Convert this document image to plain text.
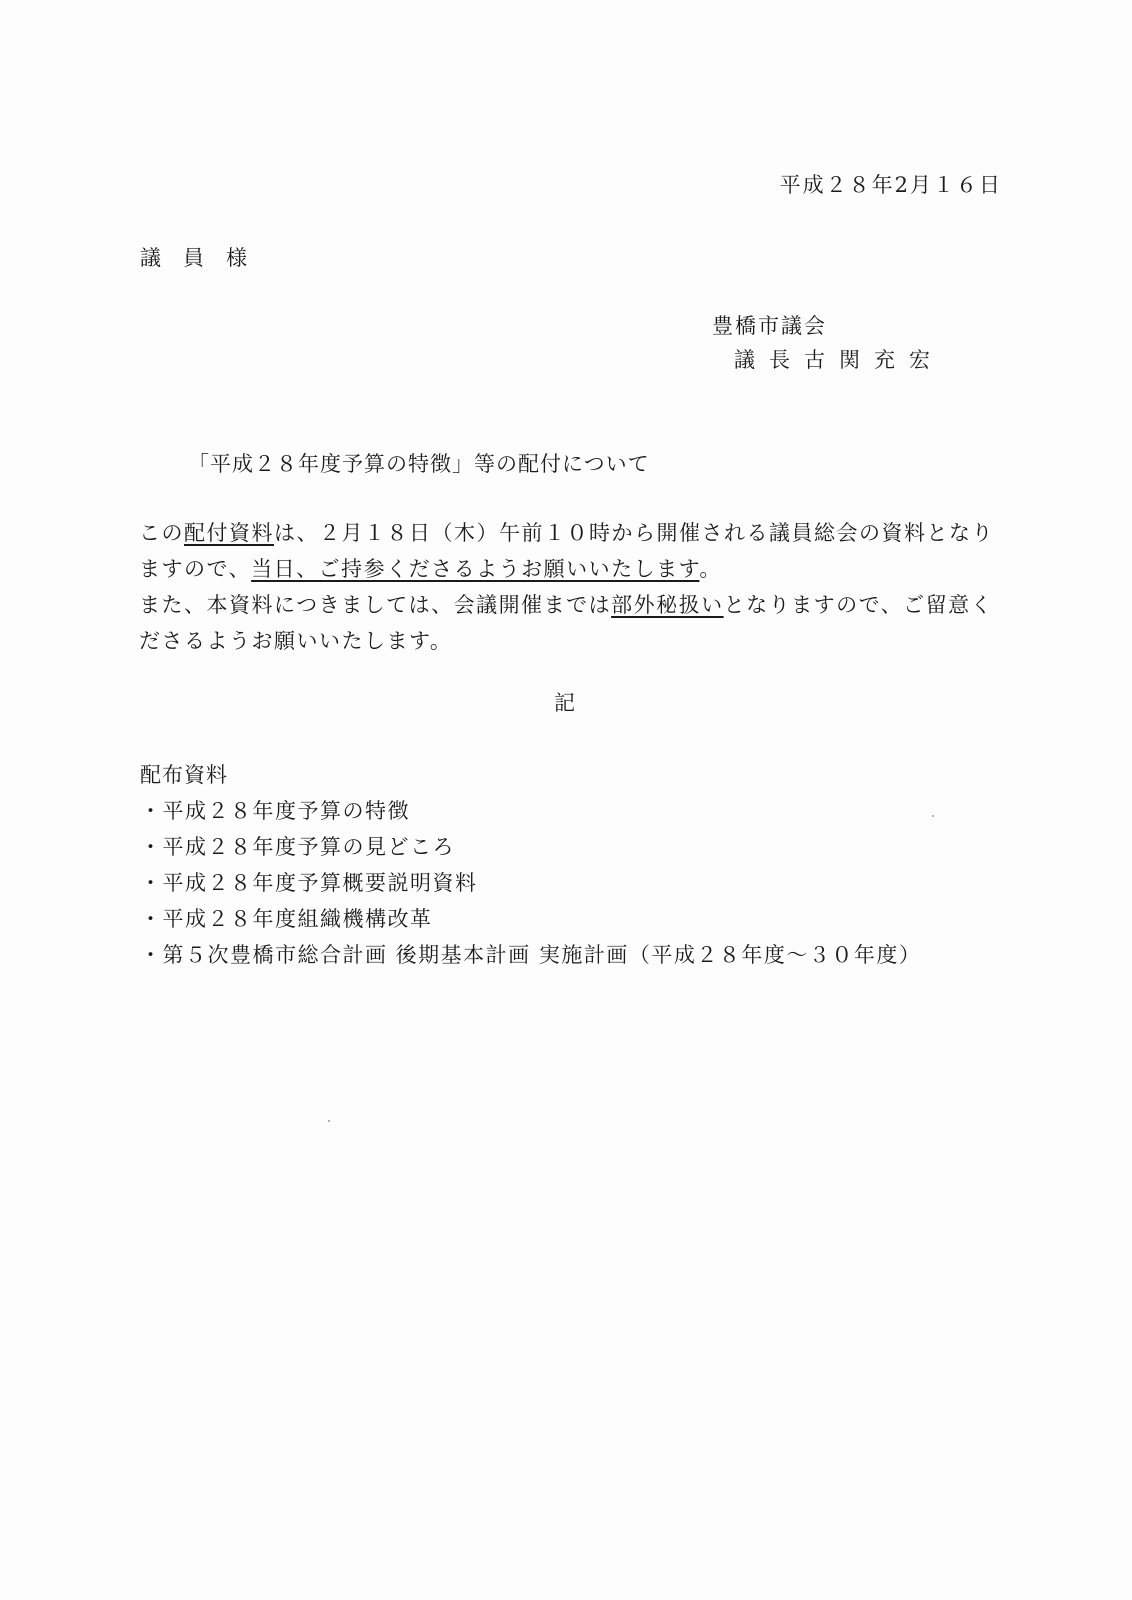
平成２８年2月１６日
議員様
豊橋市議会
議長古関充宏
「平成２８年度予算の特徴」等の配付について

この配付資料は、２月１８日（木）午前１０時から開催される議員総会の資料となりますので、当日、ご持参くださるようお願いいたします。

また、本資料につきましては、会議開催までは部外秘扱いとなりますので、ご留意くださるようお願いいたします。

記
配布資料
・平成２８年度予算の特徴
・平成２８年度予算の見どころ
・平成２８年度予算概要説明資料
・平成２８年度組織機構改革
・第５次豊橋市総合計画 後期基本計画 実施計画（平成２８年度～３０年度）
